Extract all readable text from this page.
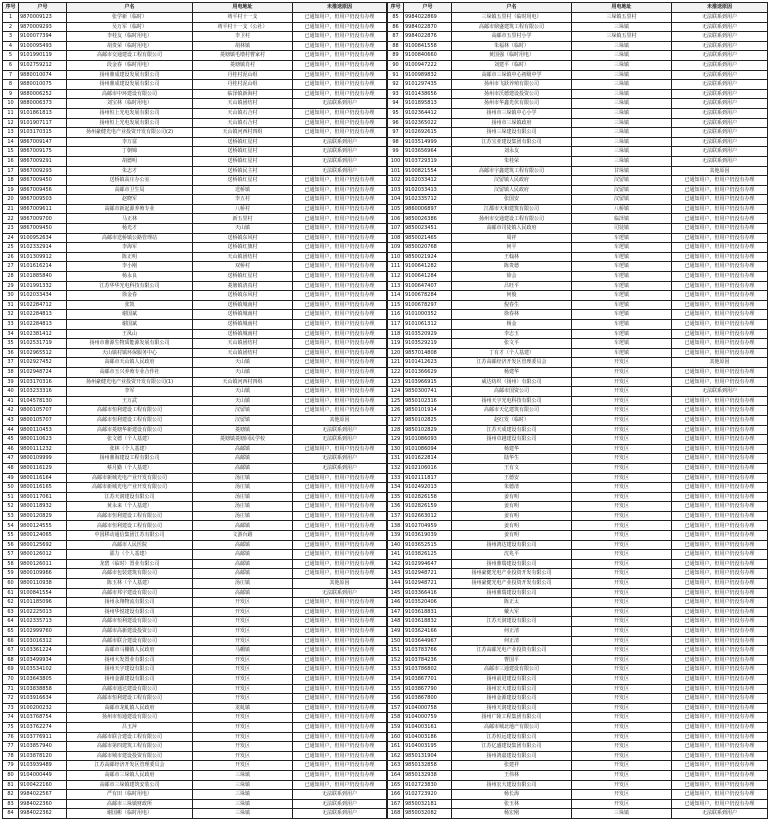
序号	户号	户名	用电地址	未推送原因
1	9870009123	张学新（临时）	靖平村十一支	已通知用户，但用户仍没有办理
2	9870009293	吴万军（临时）	靖平村十一支（公社）	已通知用户，但用户仍没有办理
3	9100077394	李桂友（临时用电）	李卫村	已通知用户，但用户仍没有办理
4	9100095493	胡贵荣（临时用电）	胡林镇	已通知用户，但用户仍没有办理
5	9101990119	高邮市交通建设工程有限公司	菱塘镇毛墩村曹家村	已通知用户，但用户仍没有办理
6	9102759212	段金春（临时用电）	菱塘镇肖村	已通知用户，但用户仍没有办理
7	9880010074	扬州鼎成建设发展有限公司	丹桂村泥山组	已通知用户，但用户仍没有办理
8	9880010075	扬州鼎成建设发展有限公司	丹桂村泥山组	已通知用户，但用户仍没有办理
9	9880006252	高邮市中环建设有限公司	临泽镇新海村	已通知用户，但用户仍没有办理
10	9880006373	刘宝林（临时用电）	天山镇团结村	无法联系到用户
11	9101861813	扬州恒上光电发展有限公司	天山镇石合村	已通知用户，但用户仍没有办理
12	9101907117	扬州恒上光电发展有限公司	天山镇石合村	已通知用户，但用户仍没有办理
13	9103170315	扬州豪健光电产业投资开发有限公司(2)	天山镇河西村四组	已通知用户，但用户仍没有办理
14	9867009147	李万富	送桥镇红星村	无法联系到用户
15	9867009175	丁朝锦	送桥镇红星村	无法联系到用户
16	9867009291	胡德明	送桥镇红星村	无法联系到用户
17	9867009293	朱志才	送桥镇民主村	无法联系到用户
18	9867009450	送桥镇高庄办公室	送桥镇红星村	已通知用户，但用户仍没有办理
19	9867009456	高邮市卫生局	送桥镇	已通知用户，但用户仍没有办理
20	9867009503	赵晓军	李五村	已通知用户，但用户仍没有办理
21	9867009611	高邮市新起源养殖专业	八桥村	已通知用户，但用户仍没有办理
22	9867009700	马正林	新五里村	已通知用户，但用户仍没有办理
23	9867009450	杨光才	天山镇	已通知用户，但用户仍没有办理
24	9100952634	高邮市送桥镇公路管理站	送桥镇东风村	已通知用户，但用户仍没有办理
25	9102332914	李海军	送桥镇红旗村	已通知用户，但用户仍没有办理
26	9101309912	陈正明	天山镇团结村	已通知用户，但用户仍没有办理
27	9101616214	李小刚	双桥村	已通知用户，但用户仍没有办理
28	9101885840	杨永良	送桥镇红星村	已通知用户，但用户仍没有办理
29	9101991332	江苏华华光电科技有限公司	菱塘镇清真村	已通知用户，但用户仍没有办理
30	9102033434	徐金春	送桥镇东风村	已通知用户，但用户仍没有办理
31	9102284712	张凯	送桥镇城南村	已通知用户，但用户仍没有办理
32	9102284813	谢国斌	送桥镇城南村	已通知用户，但用户仍没有办理
33	9102284813	谢国斌	送桥镇城南村	已通知用户，但用户仍没有办理
34	9102381412	王凤山	送桥镇城南村	已通知用户，但用户仍没有办理
35	9102531719	扬州市鼎源生物质能源发展有限公司	天山镇团结村	已通知用户，但用户仍没有办理
36	9102965512	天山镇村镇环保服务中心	天山镇团结村	已通知用户，但用户仍没有办理
37	9102927452	高邮市天山镇人民政府	天山镇	已通知用户，但用户仍没有办理
38	9102948724	高邮市玉兴养殖专业合作社	天山镇	已通知用户，但用户仍没有办理
39	9103170316	扬州豪健光电产业投资开发有限公司(1)	天山镇河西村四组	已通知用户，但用户仍没有办理
40	9103233316	李军	天山镇	已通知用户，但用户仍没有办理
41	9104578130	王万武	天山镇	已通知用户，但用户仍没有办理
42	9800105707	高邮市恒利建设工程有限公司	汉留镇	已通知用户，但用户仍没有办理
43	9800105707	高邮市恒利建设工程有限公司	汉留镇	其他原因
44	9800110453	高邮市菱塘华新建设有限公司	菱塘镇	无法联系到用户
45	9800110623	张文德（个人基建）	菱塘镇菱塘回民学校	无法联系到用户
46	9800111232	张林（个人基建）	高邮镇	已通知用户，但用户仍没有办理
47	9800109999	扬州鼎海建设工程有限公司	高邮镇	无法联系到用户
48	9800116129	蔡月勤（个人基建）	高邮镇	无法联系到用户
49	9800116164	高邮市新城光电产业开发有限公司	汤庄镇	已通知用户，但用户仍没有办理
50	9800116165	高邮市新城光电产业开发有限公司	汤庄镇	已通知用户，但用户仍没有办理
51	9800117061	江苏天润建设有限公司	汤庄镇	已通知用户，但用户仍没有办理
52	9800118932	黄永来（个人基建）	汤庄镇	已通知用户，但用户仍没有办理
53	9800120829	高邮市恒利建设工程有限公司	汤庄镇	已通知用户，但用户仍没有办理
54	9800124555	高邮市恒利建设工程有限公司	高邮镇	已通知用户，但用户仍没有办理
55	9800124065	中国移动通信集团江苏有限公司	文游台路	已通知用户，但用户仍没有办理
56	9800125692	高邮市人民医院	高邮镇	已通知用户，但用户仍没有办理
57	9800126012	邵力（个人基建）	高邮镇	已通知用户，但用户仍没有办理
58	9800126011	龙碧（临时）置业有限公司	高邮镇	已通知用户，但用户仍没有办理
59	9800109966	高邮市包装建筑有限公司	高邮镇	已通知用户，但用户仍没有办理
60	9800110938	陈玉林（个人基建）	汤庄镇	其他原因
61	9100841554	高邮市邦宇建设有限公司	高邮镇	无法联系到用户
62	9101185096	扬州永翔物流有限公司	开发区	已通知用户，但用户仍没有办理
63	9102225013	扬州华悦建设有限公司	开发区	已通知用户，但用户仍没有办理
64	9102335713	高邮市恒利建设有限公司	开发区	已通知用户，但用户仍没有办理
65	9102999760	高邮市高新建设投资公司	开发区	已通知用户，但用户仍没有办理
66	9103016312	高邮市联合建设有限公司	开发区	已通知用户，但用户仍没有办理
67	9103361224	高邮市马棚镇人民政府	马棚镇	已通知用户，但用户仍没有办理
68	9103499934	扬州大发置业有限公司	开发区	已通知用户，但用户仍没有办理
69	9103534102	扬州天宇建设有限公司	开发区	已通知用户，但用户仍没有办理
70	9103643805	扬州金源建设有限公司	开发区	已通知用户，但用户仍没有办理
71	9103838858	高邮市通达建设有限公司	开发区	已通知用户，但用户仍没有办理
72	9103916634	高邮市恒利建设工程有限公司	开发区	已通知用户，但用户仍没有办理
73	9100200232	高邮市龙虬镇人民政府	龙虬镇	已通知用户，但用户仍没有办理
74	9103768754	扬州市恒通建设有限公司	开发区	已通知用户，但用户仍没有办理
75	9103762274	吕玉萍	开发区	已通知用户，但用户仍没有办理
76	9103776911	高邮市联合建设工程有限公司	开发区	已通知用户，但用户仍没有办理
77	9103857940	高邮市第四建筑工程有限公司	开发区	已通知用户，但用户仍没有办理
78	9103878120	高邮市城市建设投资有限公司	开发区	已通知用户，但用户仍没有办理
79	9103939489	江苏高邮经济开发区管理委员会	开发区	已通知用户，但用户仍没有办理
80	9104000449	高邮市三垛镇人民政府	三垛镇	已通知用户，但用户仍没有办理
81	9100422160	高邮市三垛镇建筑安装公司	三垛镇	已通知用户，但用户仍没有办理
82	9984022567	严有田（临时用电）	三垛镇	无法联系到用户
83	9984022360	高邮市三垛镇财政所	三垛镇	无法联系到用户
84	9984022362	谢国彬（临时用电）	三垛镇	无法联系到用户
序号	户号	户名	用电地址	未推送原因
85	9984022869	三垛镇五里村（临时用电）	三垛镇五里村	无法联系到用户
86	9984022870	高邮市鼎盛建筑工程有限公司	三垛镇	无法联系到用户
87	9984022876	高邮市五里村小学	三垛镇五里村	无法联系到用户
88	9100841558	朱福林（临时）	三垛镇	无法联系到用户
89	9100840660	黄国强（临时用电）	三垛镇	无法联系到用户
90	9100947222	刘建平（临时）	三垛镇	无法联系到用户
91	9100989832	高邮市三垛镇中心初级中学	三垛镇	无法联系到用户
92	9101297435	扬州市飞跃养殖有限公司	三垛镇	无法联系到用户
93	9101438656	扬州市沃德建设投资公司	三垛镇	无法联系到用户
94	9101895813	扬州市华鑫光伏有限公司	三垛镇	无法联系到用户
95	9102364412	扬州市三垛镇中心小学	三垛镇	无法联系到用户
96	9102365022	扬州市三垛镇政府	三垛镇	无法联系到用户
97	9102692615	扬州三垛建设有限公司	三垛镇	无法联系到用户
98	9103514999	江苏宝亚建设集团有限公司	三垛镇	无法联系到用户
99	9103656964	刘永友	三垛镇	无法联系到用户
100	9103729319	朱桂荣	三垛镇	无法联系到用户
101	9100821554	高邮市宇鑫建筑工程有限公司	甘垛镇	其他原因
102	9102033412	汉留镇人民政府	汉留镇	已通知用户，但用户仍没有办理
103	9102033413	汉留镇人民政府	汉留镇	已通知用户，但用户仍没有办理
104	9102335712	张国安	汉留镇	已通知用户，但用户仍没有办理
105	9860006897	江都市天和建筑有限公司	八桥镇	已通知用户，但用户仍没有办理
106	9850026386	扬州市交通建设工程有限公司	临泽镇	已通知用户，但用户仍没有办理
107	9850023451	高邮市司徒镇人民政府	司徒镇	已通知用户，但用户仍没有办理
108	9850021465	周祥	车逻镇	已通知用户，但用户仍没有办理
109	9850020768	何平	车逻镇	已通知用户，但用户仍没有办理
110	9850021924	王翰林	车逻镇	已通知用户，但用户仍没有办理
111	9100641282	陈贵德	车逻镇	已通知用户，但用户仍没有办理
112	9100641284	徐会	车逻镇	已通知用户，但用户仍没有办理
113	9100647407	吕旺平	车逻镇	已通知用户，但用户仍没有办理
114	9100678284	何俊	车逻镇	已通知用户，但用户仍没有办理
115	9100678297	倪春生	车逻镇	已通知用户，但用户仍没有办理
116	9101000352	徐春林	车逻镇	已通知用户，但用户仍没有办理
117	9101061312	杨金	车逻镇	已通知用户，但用户仍没有办理
118	9103520929	李志玉	车逻镇	已通知用户，但用户仍没有办理
119	9103529219	张文平	车逻镇	已通知用户，但用户仍没有办理
120	9857014808	丁有才（个人基建）	车逻镇	已通知用户，但用户仍没有办理
121	9101412623	江苏高邮经济开发区管理委员会	开发区	其他原因
122	9101366629	杨建华	开发区	已通知用户，但用户仍没有办理
123	9103966915	威达纺织（扬州）有限公司	开发区	已通知用户，但用户仍没有办理
124	9850300741	高邮市国资公司	开发区	无法联系到用户
125	9850102316	扬州天宇光电科技有限公司	开发区	已通知用户，但用户仍没有办理
126	9850101914	高邮市天亿建筑有限公司	开发区	已通知用户，但用户仍没有办理
127	9850102825	赵红发（临时）	开发区	已通知用户，但用户仍没有办理
128	9850102829	江苏天成建设有限公司	开发区	已通知用户，但用户仍没有办理
129	9101086093	扬州卓越建设有限公司	开发区	已通知用户，但用户仍没有办理
130	9101086094	杨建华	开发区	已通知用户，但用户仍没有办理
131	9101622814	陆华生	开发区	已通知用户，但用户仍没有办理
132	9102106016	王有文	开发区	已通知用户，但用户仍没有办理
133	9102111817	王德安	开发区	已通知用户，但用户仍没有办理
134	9102492013	朱德清	开发区	已通知用户，但用户仍没有办理
135	9102826158	姜有明	开发区	已通知用户，但用户仍没有办理
136	9102826159	姜有明	开发区	已通知用户，但用户仍没有办理
137	9102663012	姜有明	开发区	已通知用户，但用户仍没有办理
138	9102704959	姜有明	开发区	已通知用户，但用户仍没有办理
139	9103619039	姜有明	开发区	已通知用户，但用户仍没有办理
140	9103652515	扬州鸿达建设有限公司	开发区	已通知用户，但用户仍没有办理
141	9103826125	沈兆平	开发区	已通知用户，但用户仍没有办理
142	9102994647	扬州鼎瑞建设有限公司	开发区	已通知用户，但用户仍没有办理
143	9102948721	扬州豪健光电产业投资开发有限公司	开发区	已通知用户，但用户仍没有办理
144	9102948721	扬州豪健光电产业投资开发有限公司	开发区	已通知用户，但用户仍没有办理
145	9103366416	扬州鼎瑞建设有限公司	开发区	已通知用户，但用户仍没有办理
146	9103520406	陈正太	开发区	已通知用户，但用户仍没有办理
147	9103618831	戴大军	开发区	已通知用户，但用户仍没有办理
148	9103618832	江苏天润建设有限公司	开发区	已通知用户，但用户仍没有办理
149	9103624166	何正清	开发区	已通知用户，但用户仍没有办理
150	9103644967	何正清	开发区	已通知用户，但用户仍没有办理
151	9103783766	江苏高邮光电产业投资有限公司	开发区	已通知用户，但用户仍没有办理
152	9103784236	曹国平	开发区	已通知用户，但用户仍没有办理
153	9103786802	高邮市三通建设有限公司	开发区	已通知用户，但用户仍没有办理
154	9103867701	扬州前进建设有限公司	开发区	已通知用户，但用户仍没有办理
155	9103867790	扬州宏大建设有限公司	开发区	已通知用户，但用户仍没有办理
156	9103867800	扬州金源建设有限公司	开发区	已通知用户，但用户仍没有办理
157	9104000758	扬州天润建设有限公司	开发区	已通知用户，但用户仍没有办理
158	9104000759	扬州广陵工程集团有限公司	开发区	已通知用户，但用户仍没有办理
159	9104003161	高邮市城北地产有限公司	开发区	已通知用户，但用户仍没有办理
160	9104003186	江苏恒远建设有限公司	开发区	已通知用户，但用户仍没有办理
161	9104003195	江苏亿盛建设集团有限公司	开发区	已通知用户，但用户仍没有办理
162	9850131904	扬州鸿嘉建设有限公司	开发区	已通知用户，但用户仍没有办理
163	9850132858	张建祥	开发区	已通知用户，但用户仍没有办理
164	9850132938	王伟林	开发区	已通知用户，但用户仍没有办理
165	9102723830	扬州宏大建设有限公司	开发区	已通知用户，但用户仍没有办理
166	9102723920	杨长海	开发区	已通知用户，但用户仍没有办理
167	9850032181	张玉林	开发区	已通知用户，但用户仍没有办理
168	9850032082	杨宏刚	三垛镇	无法联系到用户
